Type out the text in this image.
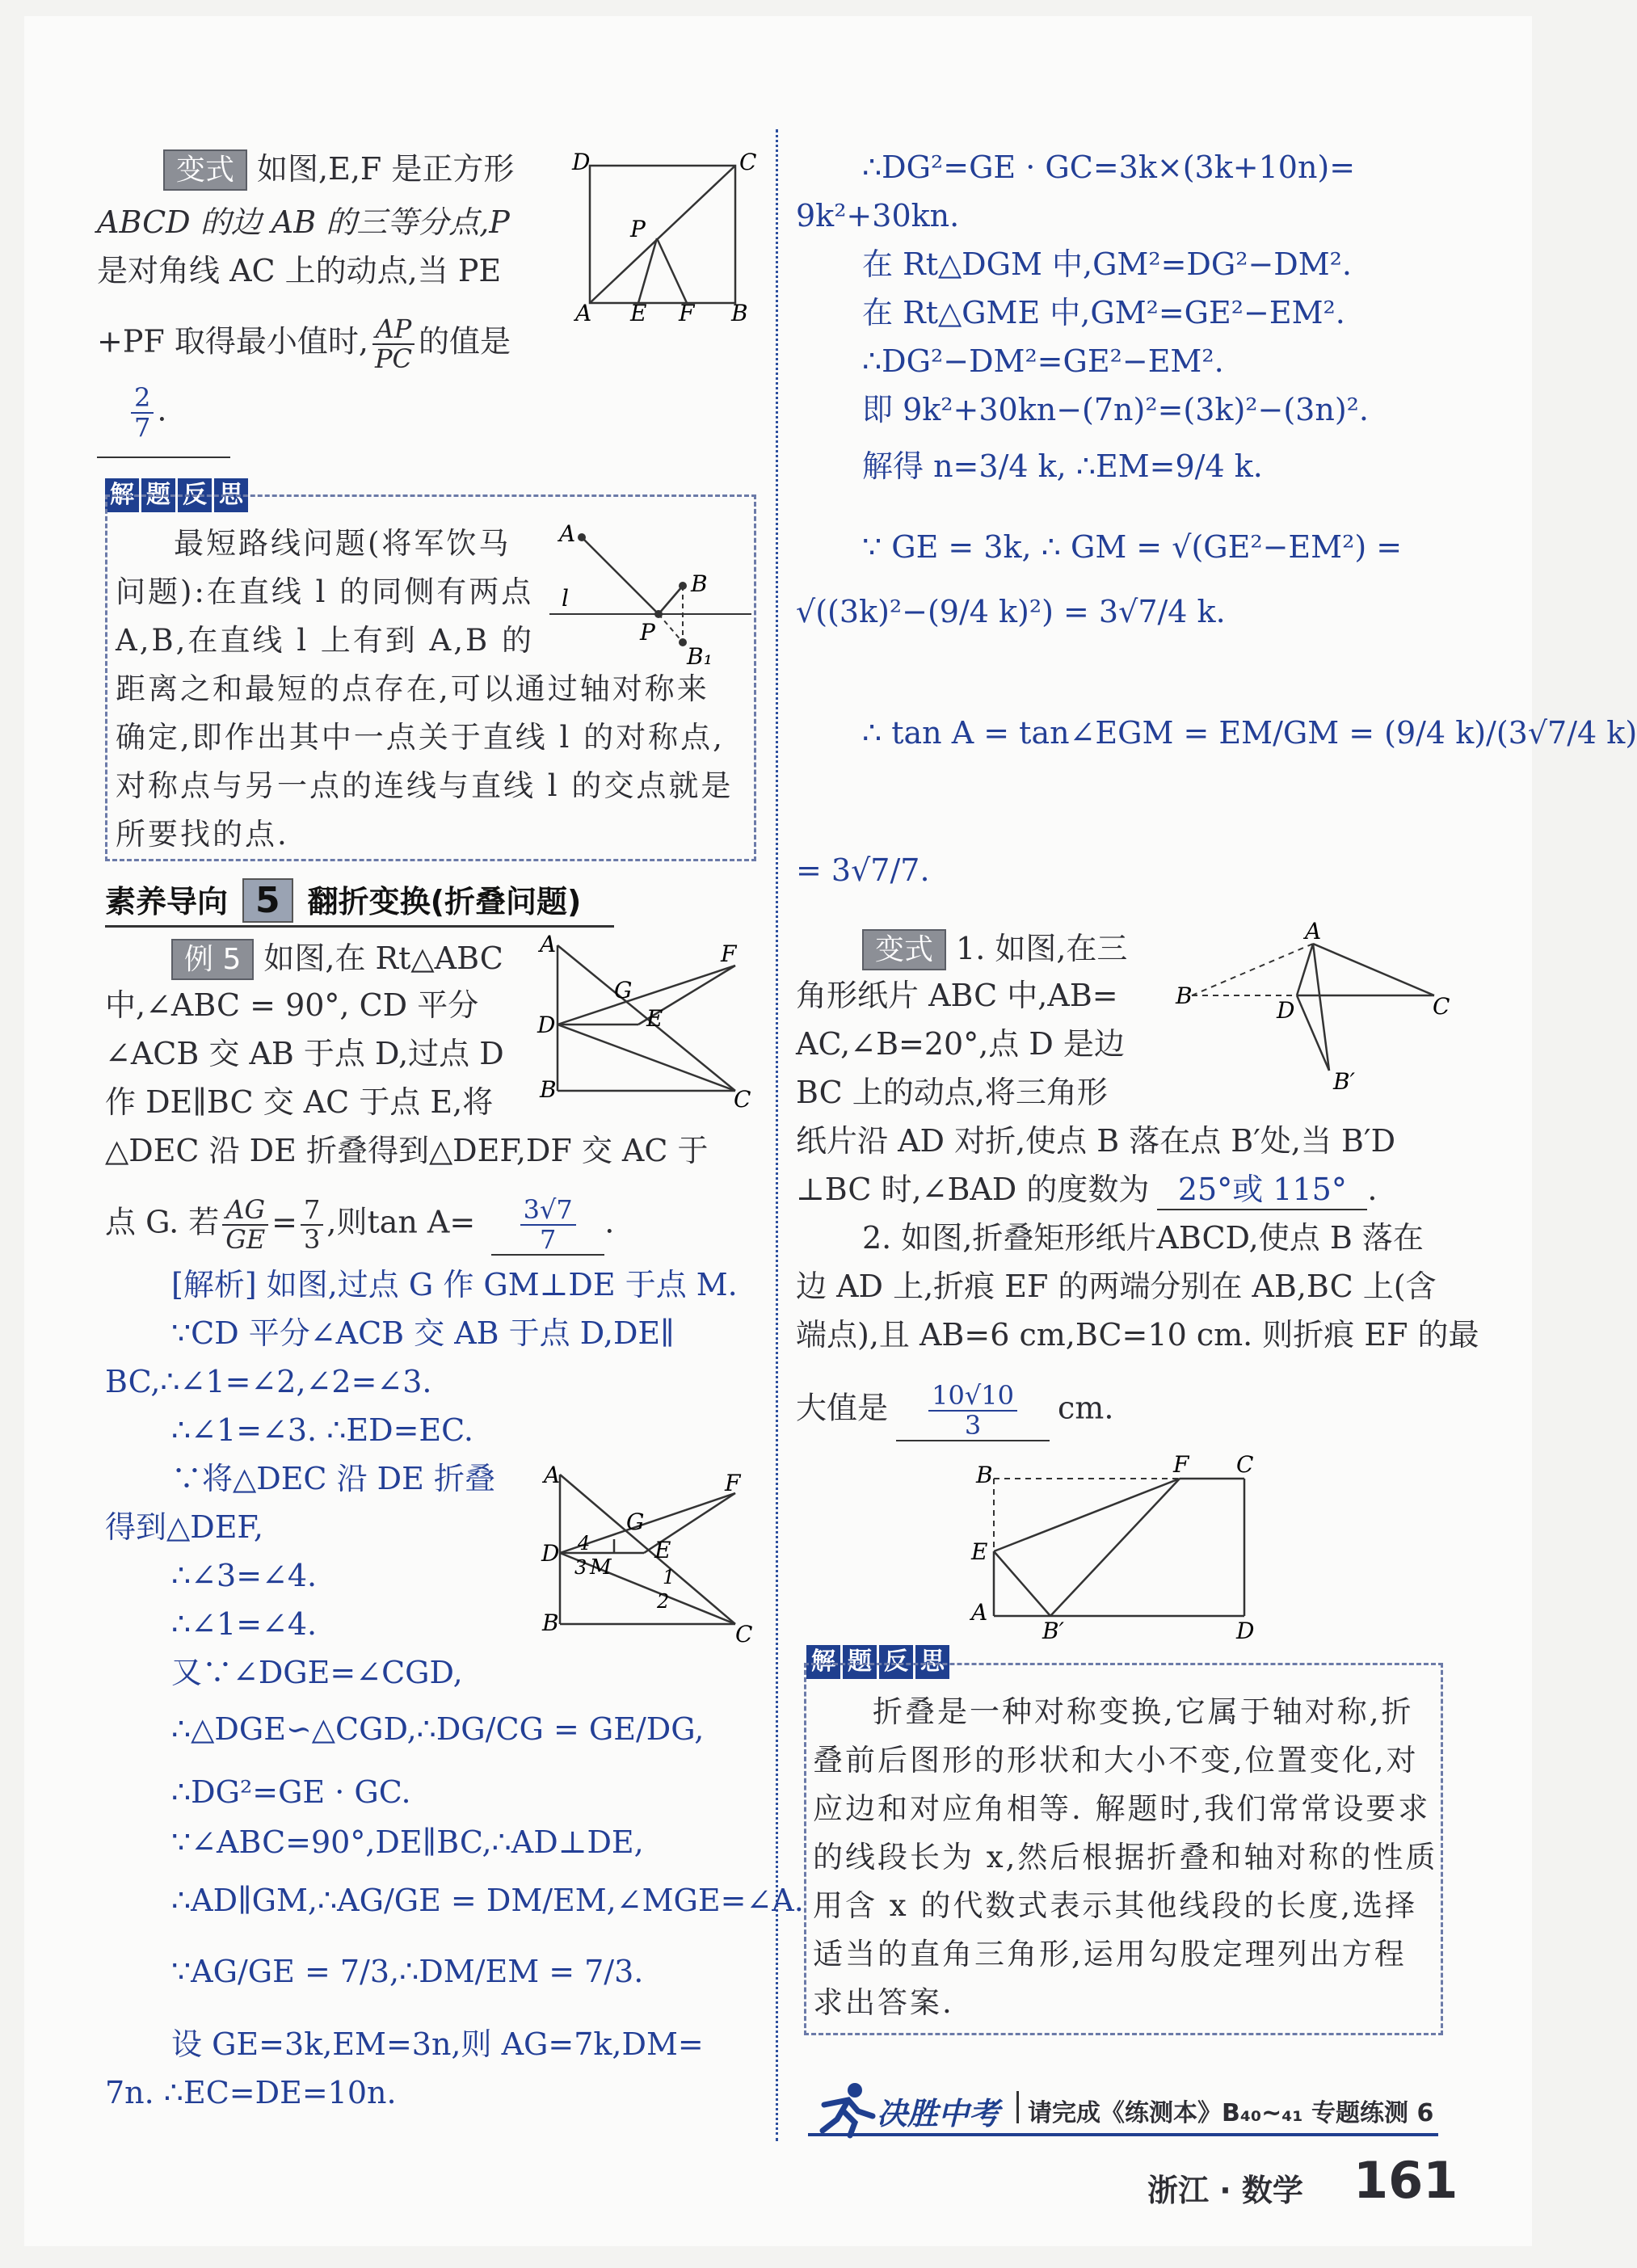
变式 如图,E,F 是正方形
ABCD 的边 AB 的三等分点,P
是对角线 AC 上的动点,当 PE
+PF 取得最小值时, $\frac{AP}{PC}$ 的值是
$\frac{2}{7}$ .
D	C
P
A E F B
解 题 反 思
最短路线问题(将军饮马
问题):在直线 l 的同侧有两点
A,B,在直线 l 上有到 A,B 的
距离之和最短的点存在,可以通过轴对称来
确定,即作出其中一点关于直线 l 的对称点,
对称点与另一点的连线与直线 l 的交点就是
所要找的点.
A
B
l
P
B₁
素养导向 5 翻折变换(折叠问题)
例 5 如图,在 Rt△ABC
中,∠ABC = 90°, CD 平分
∠ACB 交 AB 于点 D,过点 D
作 DE∥BC 交 AC 于点 E,将
△DEC 沿 DE 折叠得到△DEF,DF 交 AC 于
点 G. 若 $\frac{AG}{GE} = \frac{7}{3}$ ,则$\tan A= \frac{3√7}{7}$ .
A	F
G
D	E
B	C
[解析] 如图,过点 G 作 GM⊥DE 于点 M.
∵CD 平分∠ACB 交 AB 于点 D,DE∥
BC,∴∠1=∠2,∠2=∠3.
∴∠1=∠3. ∴ED=EC.
∵将△DEC 沿 DE 折叠
得到△DEF,
∴∠3=∠4.
∴∠1=∠4.
又∵∠DGE=∠CGD,
∴△DGE∽△CGD,∴DG/CG = GE/DG,
∴DG²=GE · GC.
∵∠ABC=90°,DE∥BC,∴AD⊥DE,
∴AD∥GM,∴AG/GE = DM/EM,∠MGE=∠A.
∵AG/GE = 7/3,∴DM/EM = 7/3.
设 GE=3k,EM=3n,则 AG=7k,DM=
7n. ∴EC=DE=10n.
A	F
G
D 4
3 M
E
1
2
B	C
∴DG²=GE · GC=3k×(3k+10n)=
9k²+30kn.
在 Rt△DGM 中,GM²=DG²−DM².
在 Rt△GME 中,GM²=GE²−EM².
∴DG²−DM²=GE²−EM².
即 9k²+30kn−(7n)²=(3k)²−(3n)².
解得 n=3/4 k, ∴EM=9/4 k.
∵ GE = 3k, ∴ GM = √(GE²−EM²) =
√((3k)²−(9/4 k)²) = 3√7/4 k.
∴ tan A = tan∠EGM = EM/GM = (9/4 k)/(3√7/4 k)
= 3√7/7.
变式 1. 如图,在三
角形纸片 ABC 中,AB=
AC,∠B=20°,点 D 是边
BC 上的动点,将三角形
纸片沿 AD 对折,使点 B 落在点 B′处,当 B′D
⊥BC 时,∠BAD 的度数为 25°或 115° .
2. 如图,折叠矩形纸片ABCD,使点 B 落在
边 AD 上,折痕 EF 的两端分别在 AB,BC 上(含
端点),且 AB=6 cm,BC=10 cm. 则折痕 EF 的最
大值是 $\frac{10√10}{3}$ cm.
A
B
D	C
B′
B	F C
E
A
B′	D
解 题 反 思
折叠是一种对称变换,它属于轴对称,折
叠前后图形的形状和大小不变,位置变化,对
应边和对应角相等. 解题时,我们常常设要求
的线段长为 x,然后根据折叠和轴对称的性质
用含 x 的代数式表示其他线段的长度,选择
适当的直角三角形,运用勾股定理列出方程
求出答案.
决胜中考 请完成《练测本》B₄₀~₄₁ 专题练测 6
浙江 · 数学 161
